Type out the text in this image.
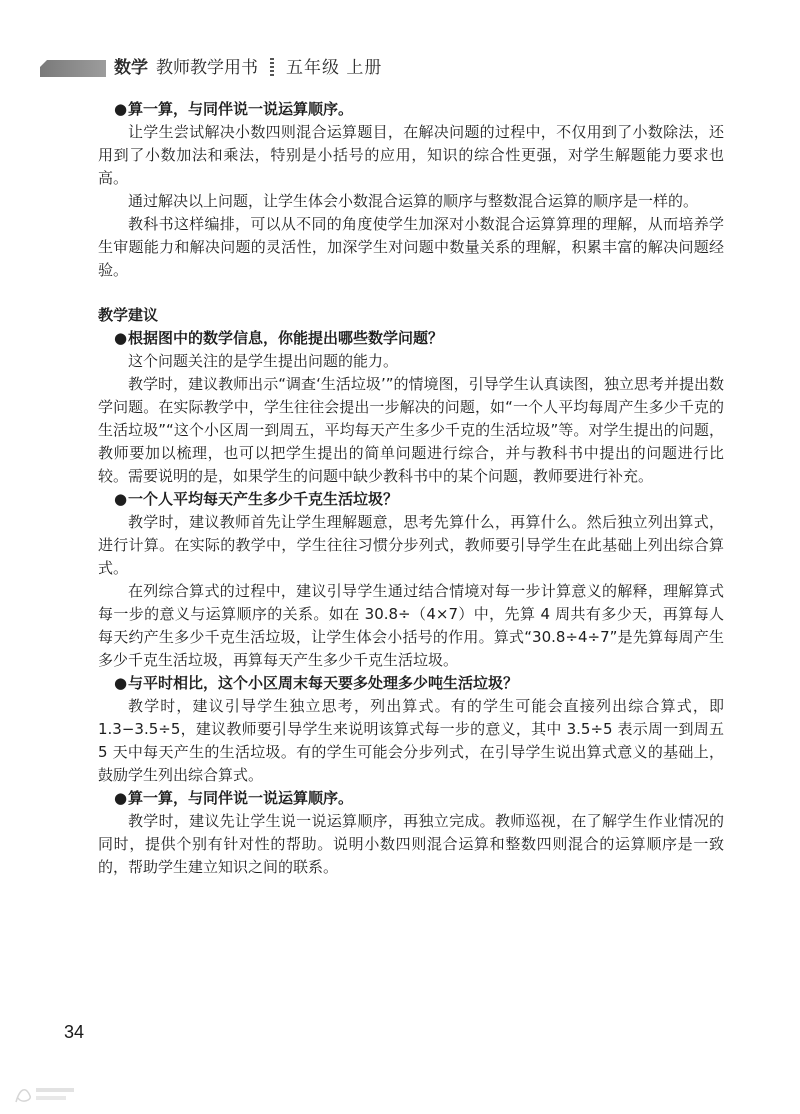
数学 教师教学用书 五年级 上册

●算一算，与同伴说一说运算顺序。

让学生尝试解决小数四则混合运算题目，在解决问题的过程中，不仅用到了小数除法，还用到了小数加法和乘法，特别是小括号的应用，知识的综合性更强，对学生解题能力要求也高。

通过解决以上问题，让学生体会小数混合运算的顺序与整数混合运算的顺序是一样的。

教科书这样编排，可以从不同的角度使学生加深对小数混合运算算理的理解，从而培养学生审题能力和解决问题的灵活性，加深学生对问题中数量关系的理解，积累丰富的解决问题经验。

教学建议

●根据图中的数学信息，你能提出哪些数学问题？

这个问题关注的是学生提出问题的能力。

教学时，建议教师出示“调查‘生活垃圾’”的情境图，引导学生认真读图，独立思考并提出数学问题。在实际教学中，学生往往会提出一步解决的问题，如“一个人平均每周产生多少千克的生活垃圾”“这个小区周一到周五，平均每天产生多少千克的生活垃圾”等。对学生提出的问题，教师要加以梳理，也可以把学生提出的简单问题进行综合，并与教科书中提出的问题进行比较。需要说明的是，如果学生的问题中缺少教科书中的某个问题，教师要进行补充。

●一个人平均每天产生多少千克生活垃圾？

教学时，建议教师首先让学生理解题意，思考先算什么，再算什么。然后独立列出算式，进行计算。在实际的教学中，学生往往习惯分步列式，教师要引导学生在此基础上列出综合算式。

在列综合算式的过程中，建议引导学生通过结合情境对每一步计算意义的解释，理解算式每一步的意义与运算顺序的关系。如在 30.8÷（4×7）中，先算 4 周共有多少天，再算每人每天约产生多少千克生活垃圾，让学生体会小括号的作用。算式“30.8÷4÷7”是先算每周产生多少千克生活垃圾，再算每天产生多少千克生活垃圾。

●与平时相比，这个小区周末每天要多处理多少吨生活垃圾？

教学时，建议引导学生独立思考，列出算式。有的学生可能会直接列出综合算式，即 1.3−3.5÷5，建议教师要引导学生来说明该算式每一步的意义，其中 3.5÷5 表示周一到周五 5 天中每天产生的生活垃圾。有的学生可能会分步列式，在引导学生说出算式意义的基础上，鼓励学生列出综合算式。

●算一算，与同伴说一说运算顺序。

教学时，建议先让学生说一说运算顺序，再独立完成。教师巡视，在了解学生作业情况的同时，提供个别有针对性的帮助。说明小数四则混合运算和整数四则混合的运算顺序是一致的，帮助学生建立知识之间的联系。

34
